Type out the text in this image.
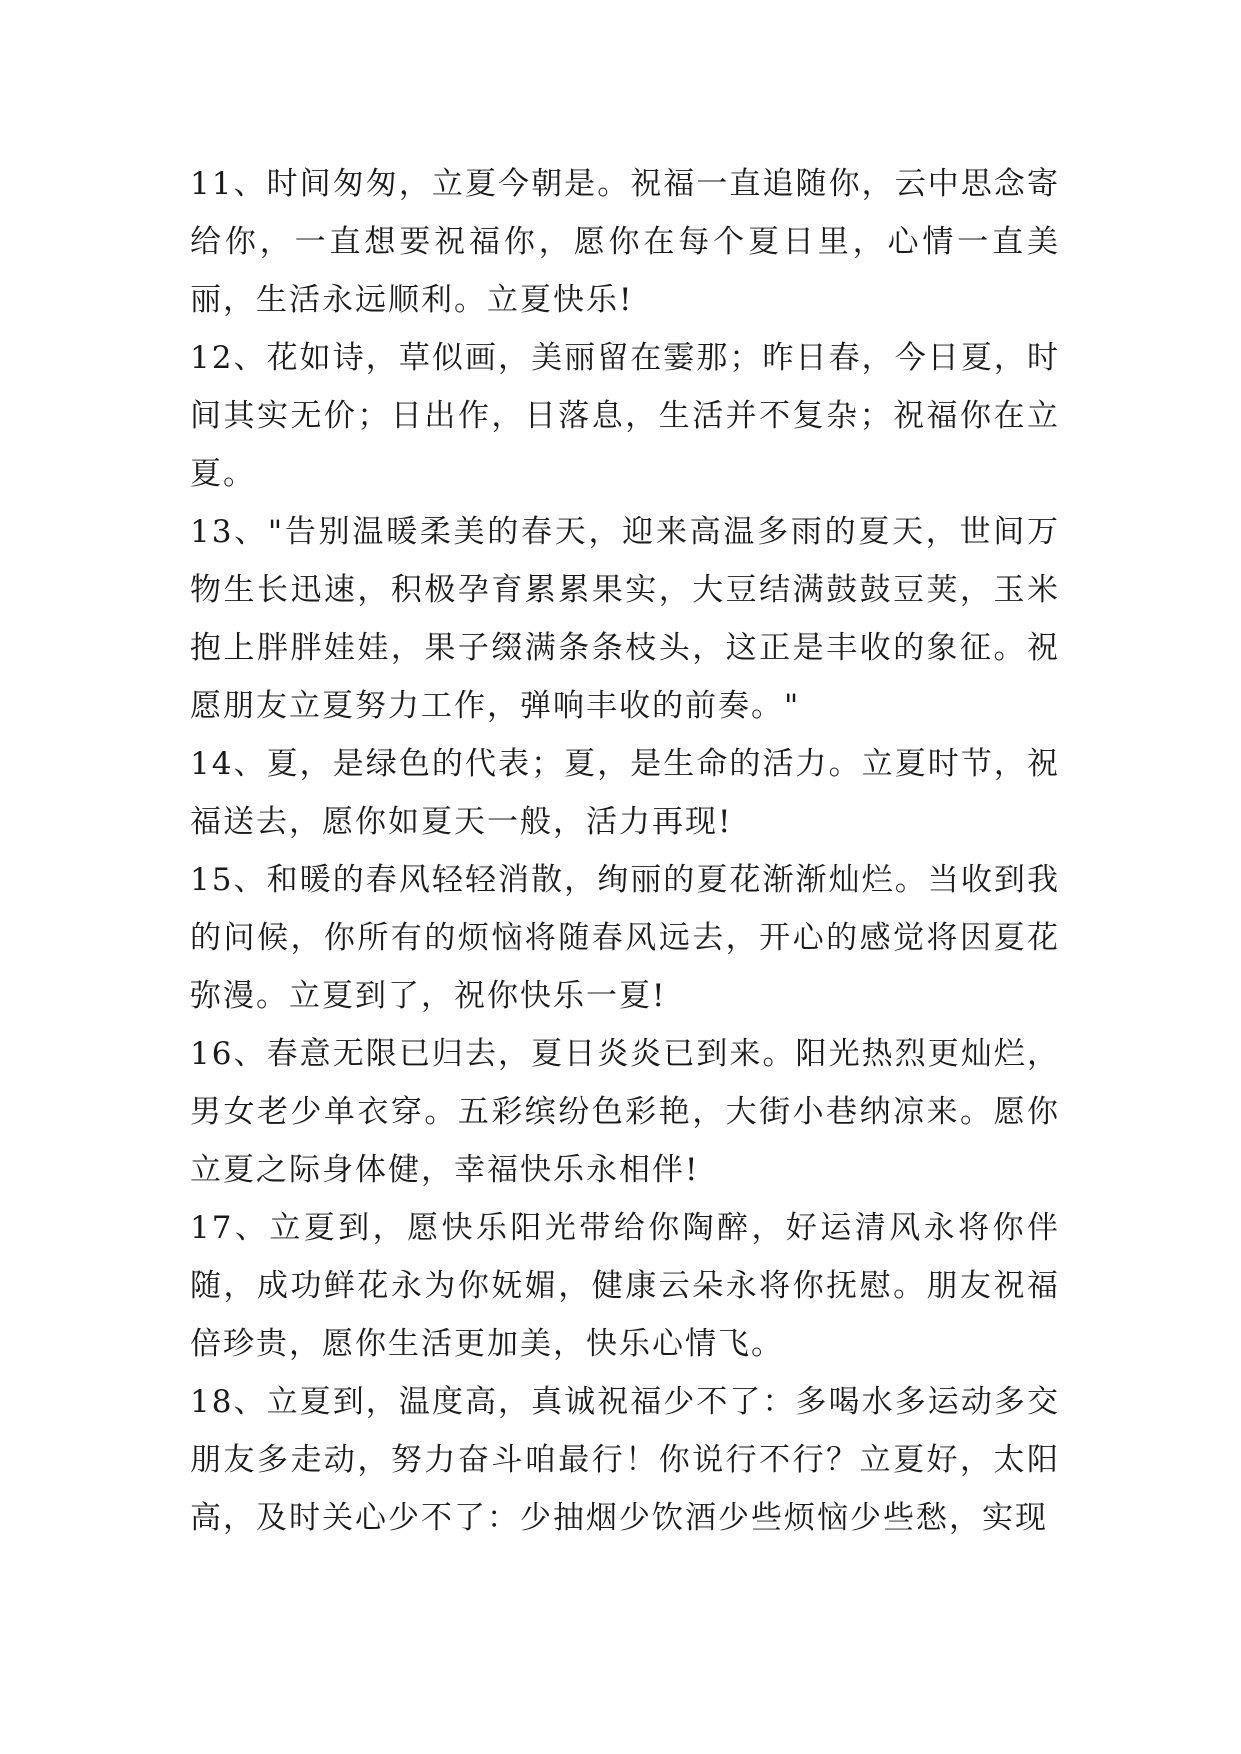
11、时间匆匆，立夏今朝是。祝福一直追随你，云中思念寄给你，一直想要祝福你，愿你在每个夏日里，心情一直美丽，生活永远顺利。立夏快乐!

12、花如诗，草似画，美丽留在霎那；昨日春，今日夏，时间其实无价；日出作，日落息，生活并不复杂；祝福你在立夏。

13、"告别温暖柔美的春天，迎来高温多雨的夏天，世间万物生长迅速，积极孕育累累果实，大豆结满鼓鼓豆荚，玉米抱上胖胖娃娃，果子缀满条条枝头，这正是丰收的象征。祝愿朋友立夏努力工作，弹响丰收的前奏。"

14、夏，是绿色的代表；夏，是生命的活力。立夏时节，祝福送去，愿你如夏天一般，活力再现!

15、和暖的春风轻轻消散，绚丽的夏花渐渐灿烂。当收到我的问候，你所有的烦恼将随春风远去，开心的感觉将因夏花弥漫。立夏到了，祝你快乐一夏!

16、春意无限已归去，夏日炎炎已到来。阳光热烈更灿烂，男女老少单衣穿。五彩缤纷色彩艳，大街小巷纳凉来。愿你立夏之际身体健，幸福快乐永相伴!

17、立夏到，愿快乐阳光带给你陶醉，好运清风永将你伴随，成功鲜花永为你妩媚，健康云朵永将你抚慰。朋友祝福倍珍贵，愿你生活更加美，快乐心情飞。

18、立夏到，温度高，真诚祝福少不了：多喝水多运动多交朋友多走动，努力奋斗咱最行！你说行不行？立夏好，太阳高，及时关心少不了：少抽烟少饮酒少些烦恼少些愁，实现
